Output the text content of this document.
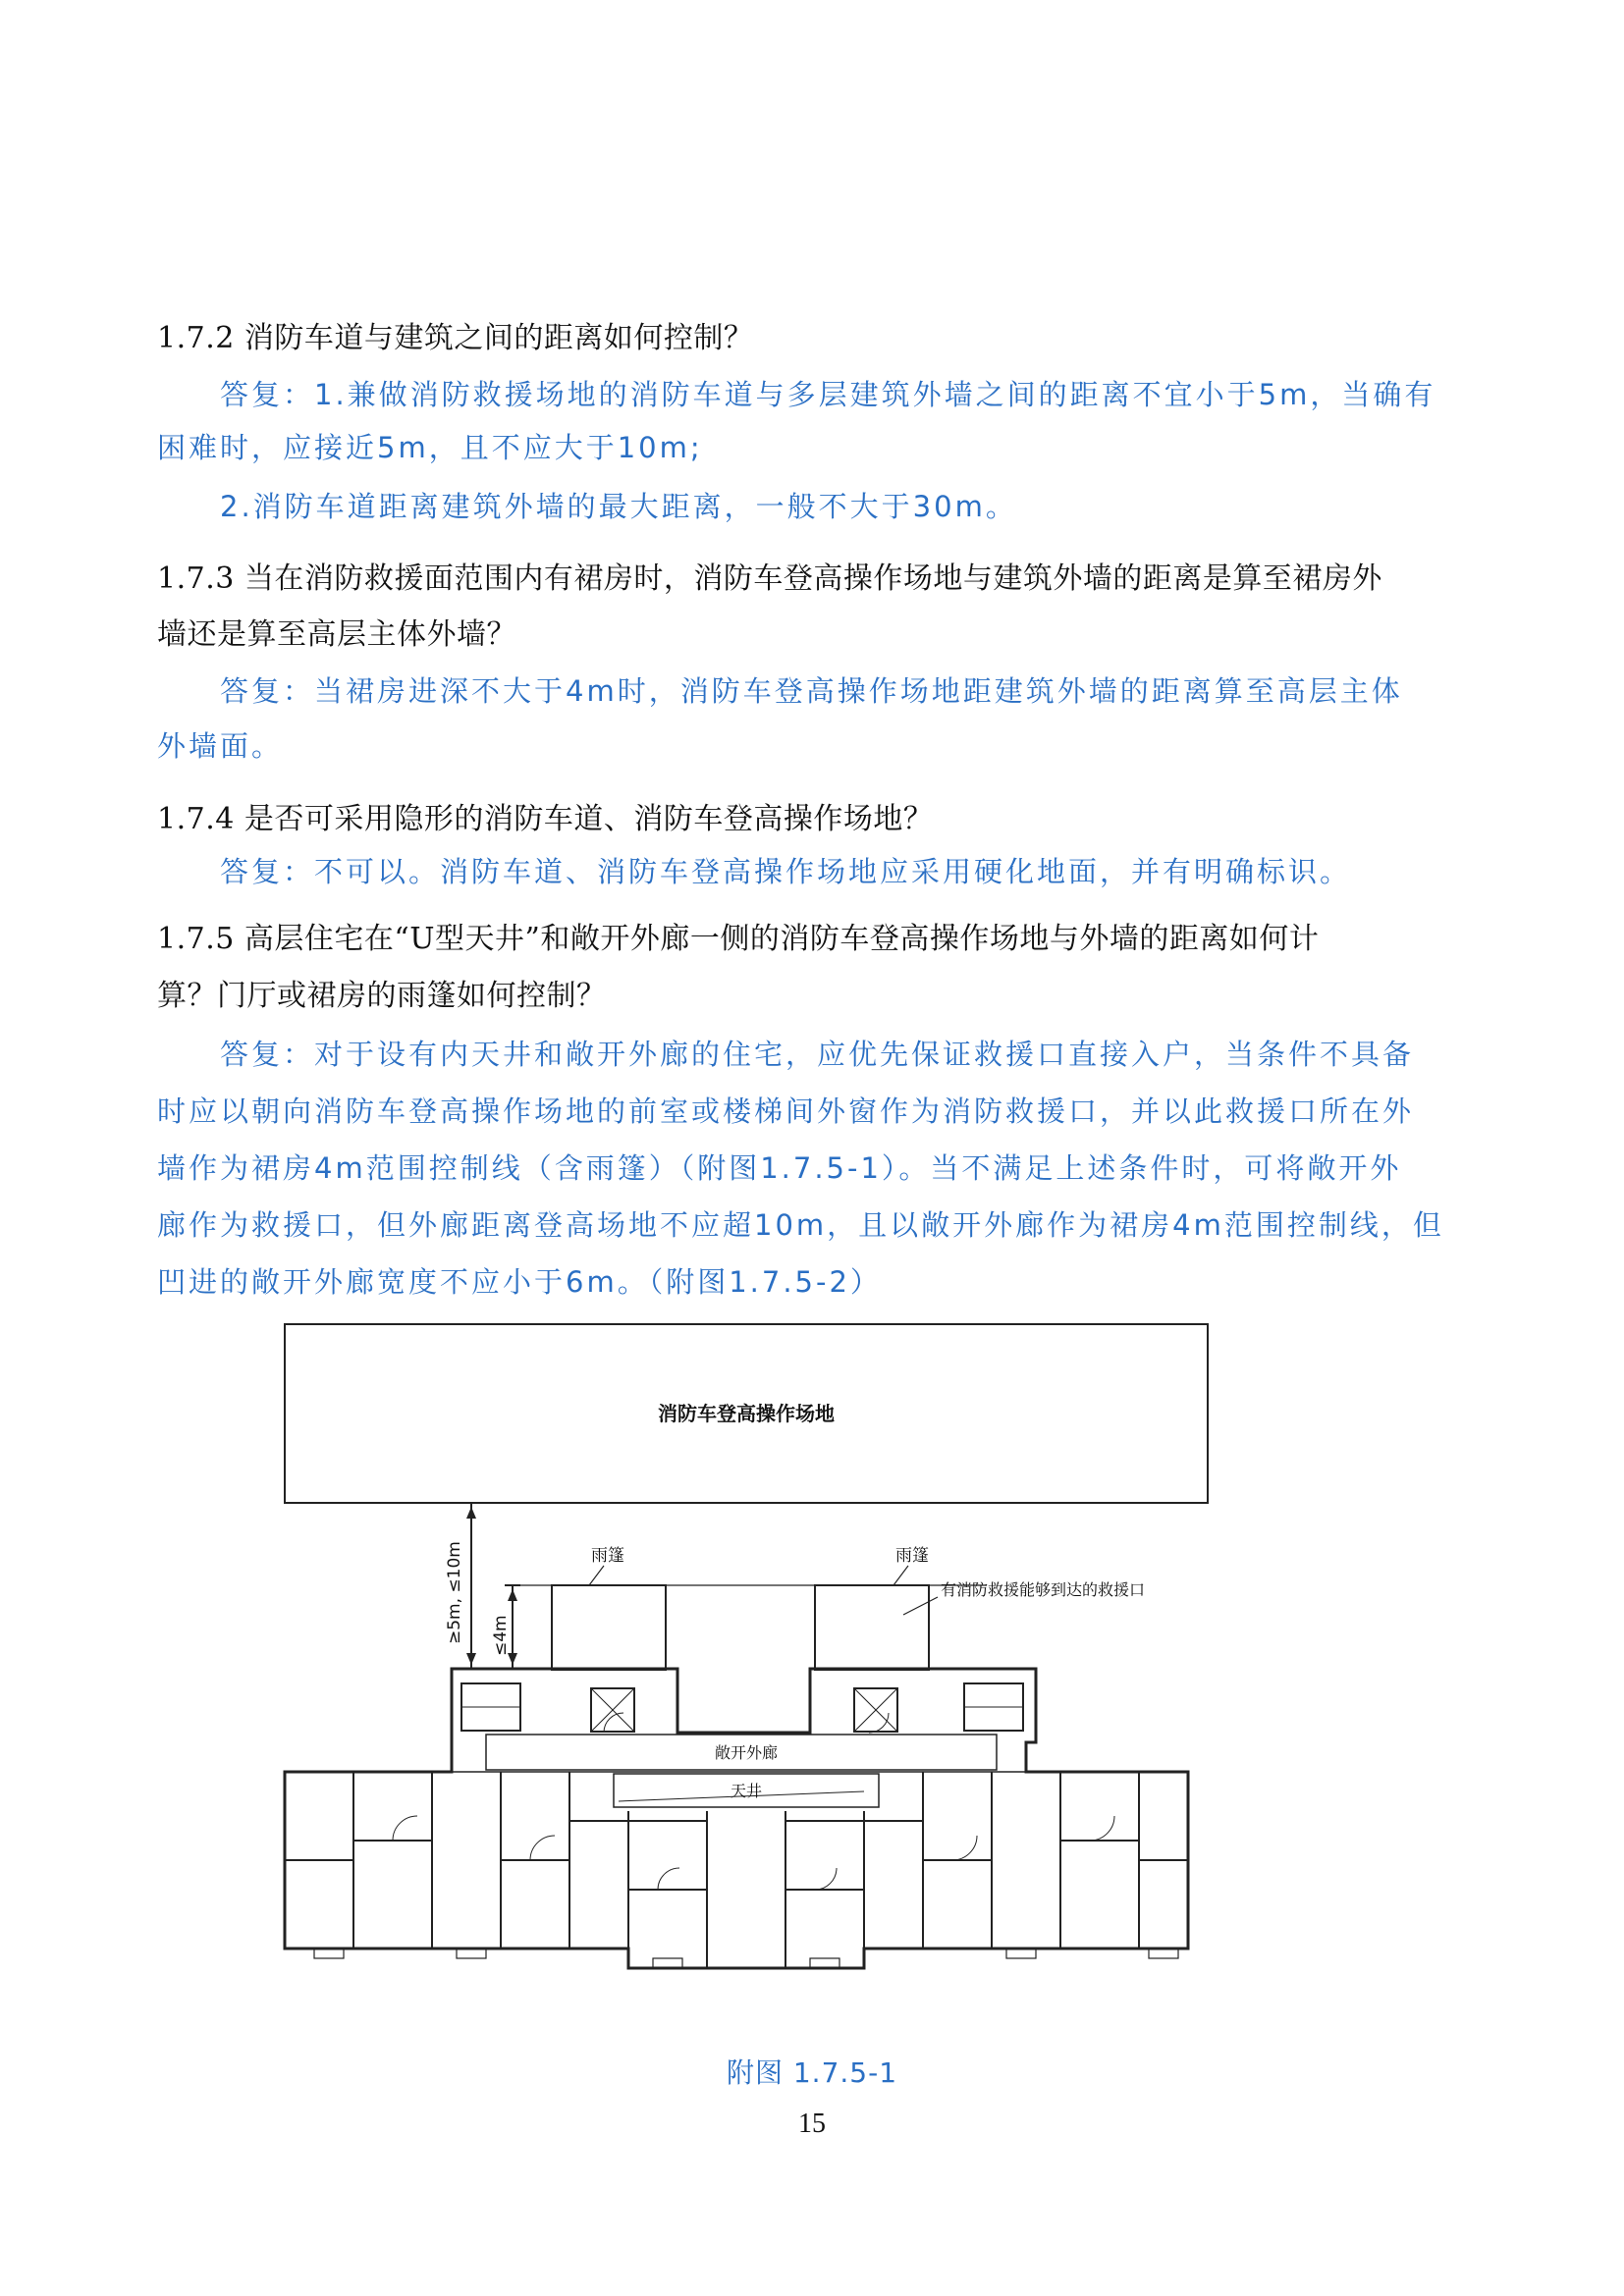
1.7.2 消防车道与建筑之间的距离如何控制？
答复：1.兼做消防救援场地的消防车道与多层建筑外墙之间的距离不宜小于5m，当确有
困难时，应接近5m，且不应大于10m;
2.消防车道距离建筑外墙的最大距离，一般不大于30m。
1.7.3 当在消防救援面范围内有裙房时，消防车登高操作场地与建筑外墙的距离是算至裙房外
墙还是算至高层主体外墙？
答复：当裙房进深不大于4m时，消防车登高操作场地距建筑外墙的距离算至高层主体
外墙面。
1.7.4 是否可采用隐形的消防车道、消防车登高操作场地？
答复：不可以。消防车道、消防车登高操作场地应采用硬化地面，并有明确标识。
1.7.5 高层住宅在“U型天井”和敞开外廊一侧的消防车登高操作场地与外墙的距离如何计
算？门厅或裙房的雨篷如何控制？
答复：对于设有内天井和敞开外廊的住宅，应优先保证救援口直接入户，当条件不具备
时应以朝向消防车登高操作场地的前室或楼梯间外窗作为消防救援口，并以此救援口所在外
墙作为裙房4m范围控制线（含雨篷）（附图1.7.5-1）。当不满足上述条件时，可将敞开外
廊作为救援口，但外廊距离登高场地不应超10m，且以敞开外廊作为裙房4m范围控制线，但
凹进的敞开外廊宽度不应小于6m。（附图1.7.5-2）
消防车登高操作场地
≥5m, ≤10m ≤4m
雨篷	雨篷
有消防救援能够到达的救援口
敞开外廊
天井
附图 1.7.5-1
15
